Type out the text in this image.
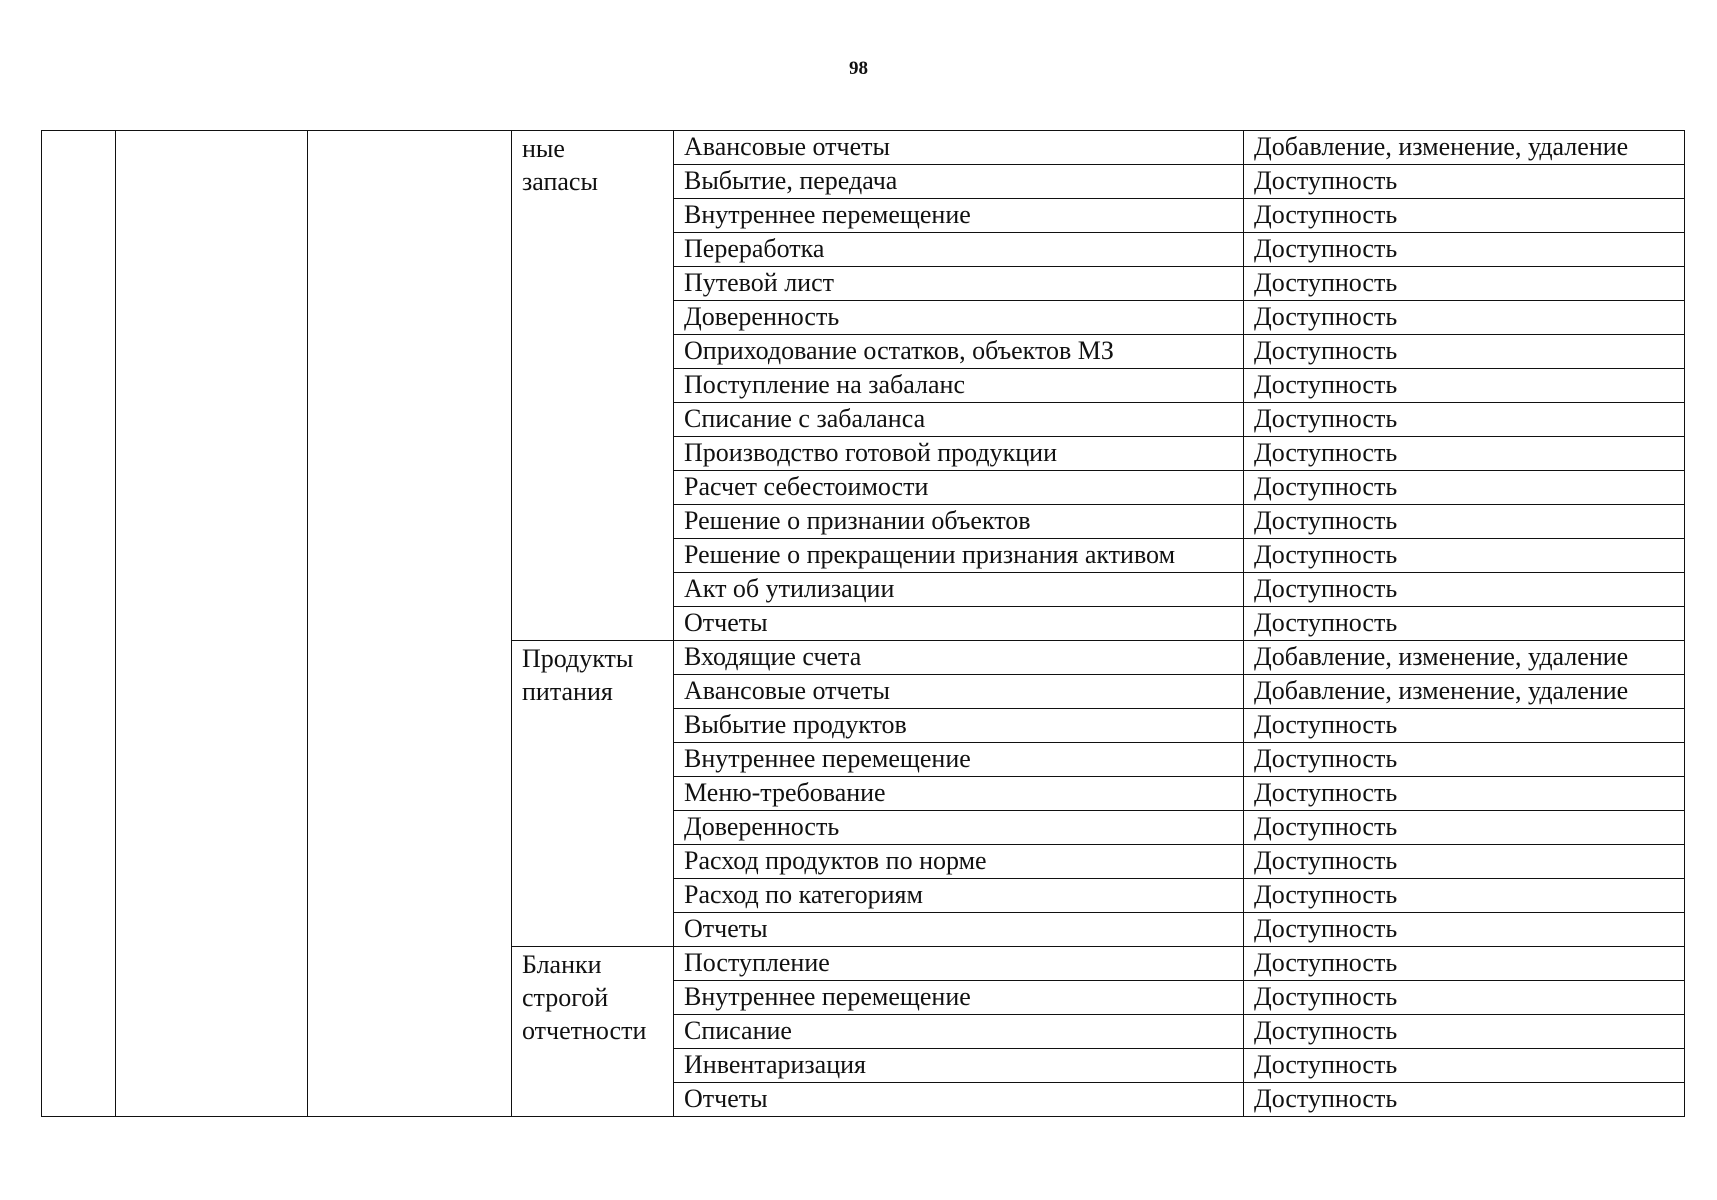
98

			ные
запасы	Авансовые отчеты	Добавление, изменение, удаление
				Выбытие, передача	Доступность
				Внутреннее перемещение	Доступность
				Переработка	Доступность
				Путевой лист	Доступность
				Доверенность	Доступность
				Оприходование остатков, объектов МЗ	Доступность
				Поступление на забаланс	Доступность
				Списание с забаланса	Доступность
				Производство готовой продукции	Доступность
				Расчет себестоимости	Доступность
				Решение о признании объектов	Доступность
				Решение о прекращении признания активом	Доступность
				Акт об утилизации	Доступность
				Отчеты	Доступность

			Продукты
питания	Входящие счета	Добавление, изменение, удаление
				Авансовые отчеты	Добавление, изменение, удаление
				Выбытие продуктов	Доступность
				Внутреннее перемещение	Доступность
				Меню-требование	Доступность
				Доверенность	Доступность
				Расход продуктов по норме	Доступность
				Расход по категориям	Доступность
				Отчеты	Доступность

			Бланки
строгой
отчетности	Поступление	Доступность
				Внутреннее перемещение	Доступность
				Списание	Доступность
				Инвентаризация	Доступность
				Отчеты	Доступность
